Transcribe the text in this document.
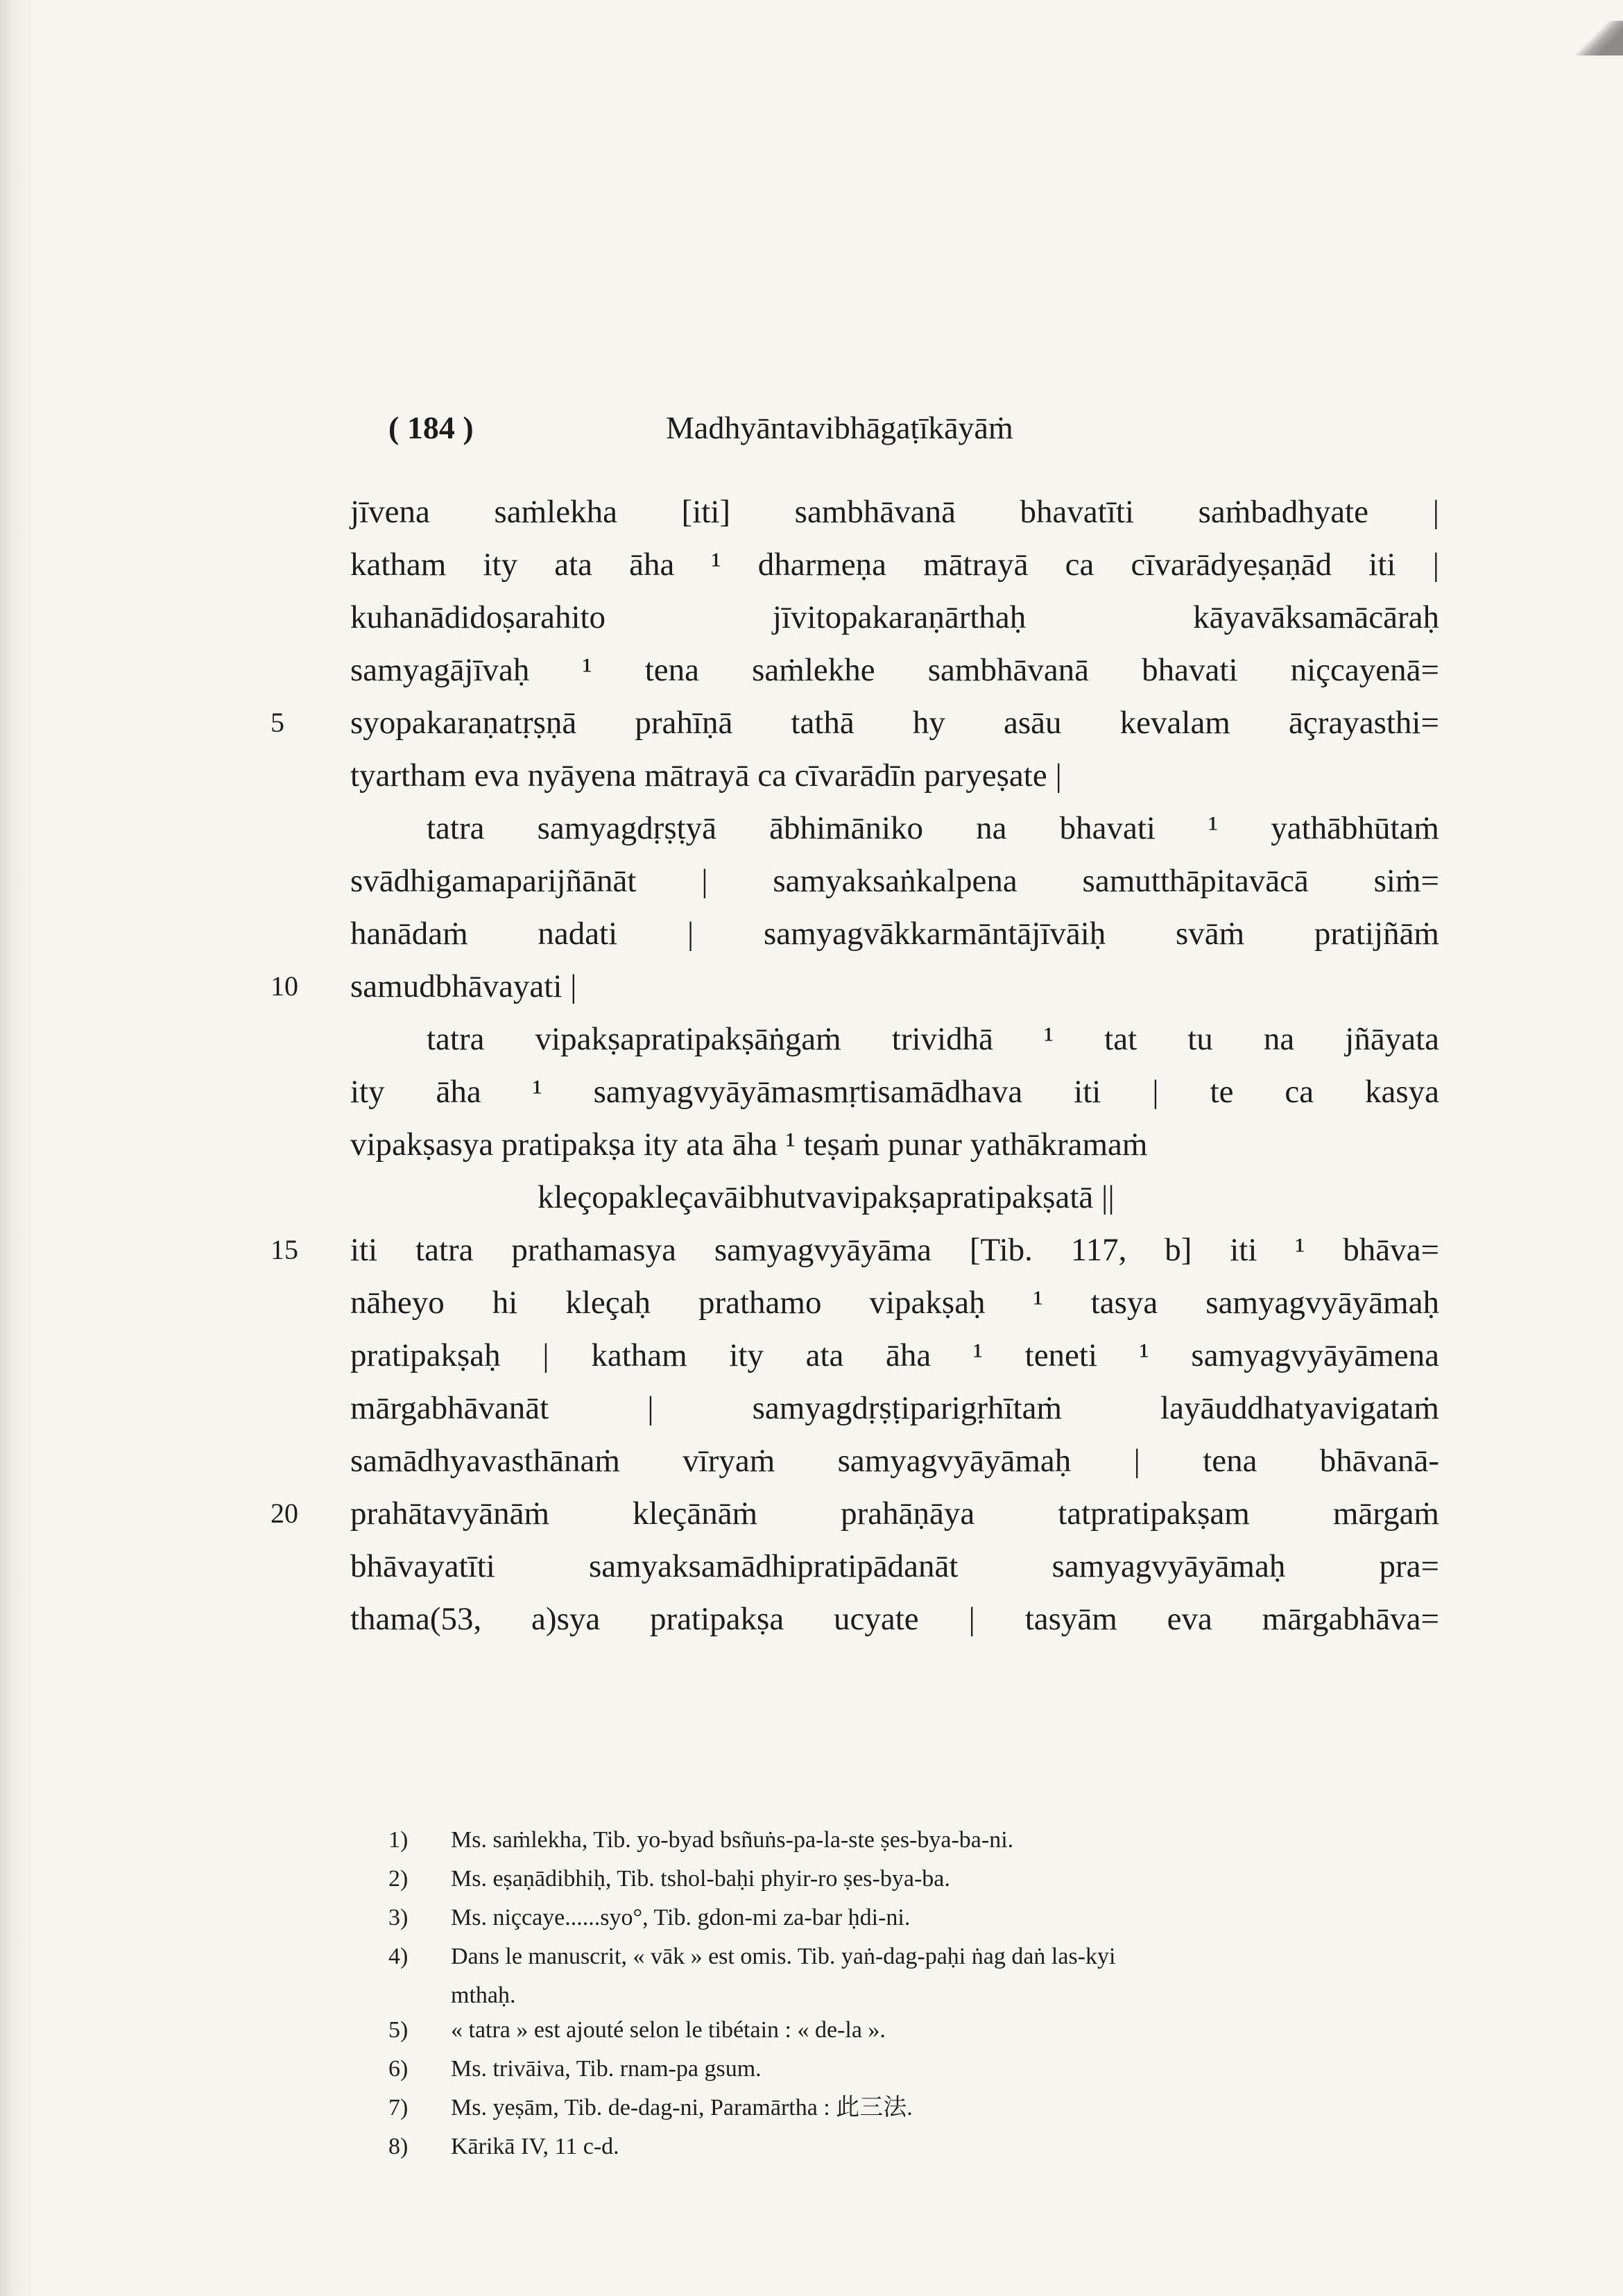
( 184 )	Madhyāntavibhāgaṭīkāyāṁ
jīvena saṁlekha [iti] sambhāvanā bhavatīti saṁbadhyate |
katham ity ata āha ¹ dharmeṇa mātrayā ca cīvarādyeṣaṇād iti |
kuhanādidoṣarahito jīvitopakaraṇārthaḥ kāyavāksamācāraḥ
samyagājīvaḥ ¹ tena saṁlekhe sambhāvanā bhavati niçcayenā=
5	syopakaraṇatṛṣṇā prahīṇā tathā hy asāu kevalam āçrayasthi=
tyartham eva nyāyena mātrayā ca cīvarādīn paryeṣate |
tatra samyagdṛṣṭyā ābhimāniko na bhavati ¹ yathābhūtaṁ
svādhigamaparijñānāt | samyaksaṅkalpena samutthāpitavācā siṁ=
hanādaṁ nadati | samyagvākkarmāntājīvāiḥ svāṁ pratijñāṁ
10	samudbhāvayati |
tatra vipakṣapratipakṣāṅgaṁ trividhā ¹ tat tu na jñāyata
ity āha ¹ samyagvyāyāmasmṛtisamādhava iti | te ca kasya
vipakṣasya pratipakṣa ity ata āha ¹ teṣaṁ punar yathākramaṁ
kleçopakleçavāibhutvavipakṣapratipakṣatā ||
15	iti tatra prathamasya samyagvyāyāma [Tib. 117, b] iti ¹ bhāva=
nāheyo hi kleçaḥ prathamo vipakṣaḥ ¹ tasya samyagvyāyāmaḥ
pratipakṣaḥ | katham ity ata āha ¹ teneti ¹ samyagvyāyāmena
mārgabhāvanāt | samyagdṛṣṭiparigṛhītaṁ layāuddhatyavigataṁ
samādhyavasthānaṁ vīryaṁ samyagvyāyāmaḥ | tena bhāvanā-
20	prahātavyānāṁ kleçānāṁ prahāṇāya tatpratipakṣam mārgaṁ
bhāvayatīti samyaksamādhipratipādanāt samyagvyāyāmaḥ pra=
thama(53, a)sya pratipakṣa ucyate | tasyām eva mārgabhāva=
1) Ms. saṁlekha, Tib. yo-byad bsñuṅs-pa-la-ste ṣes-bya-ba-ni.
2) Ms. eṣaṇādibhiḥ, Tib. tshol-baḥi phyir-ro ṣes-bya-ba.
3) Ms. niçcaye......syo°, Tib. gdon-mi za-bar ḥdi-ni.
4) Dans le manuscrit, « vāk » est omis. Tib. yaṅ-dag-paḥi ṅag daṅ las-kyi
mthaḥ.
5) « tatra » est ajouté selon le tibétain : « de-la ».
6) Ms. trivāiva, Tib. rnam-pa gsum.
7) Ms. yeṣām, Tib. de-dag-ni, Paramārtha : 此三法.
8) Kārikā IV, 11 c-d.
